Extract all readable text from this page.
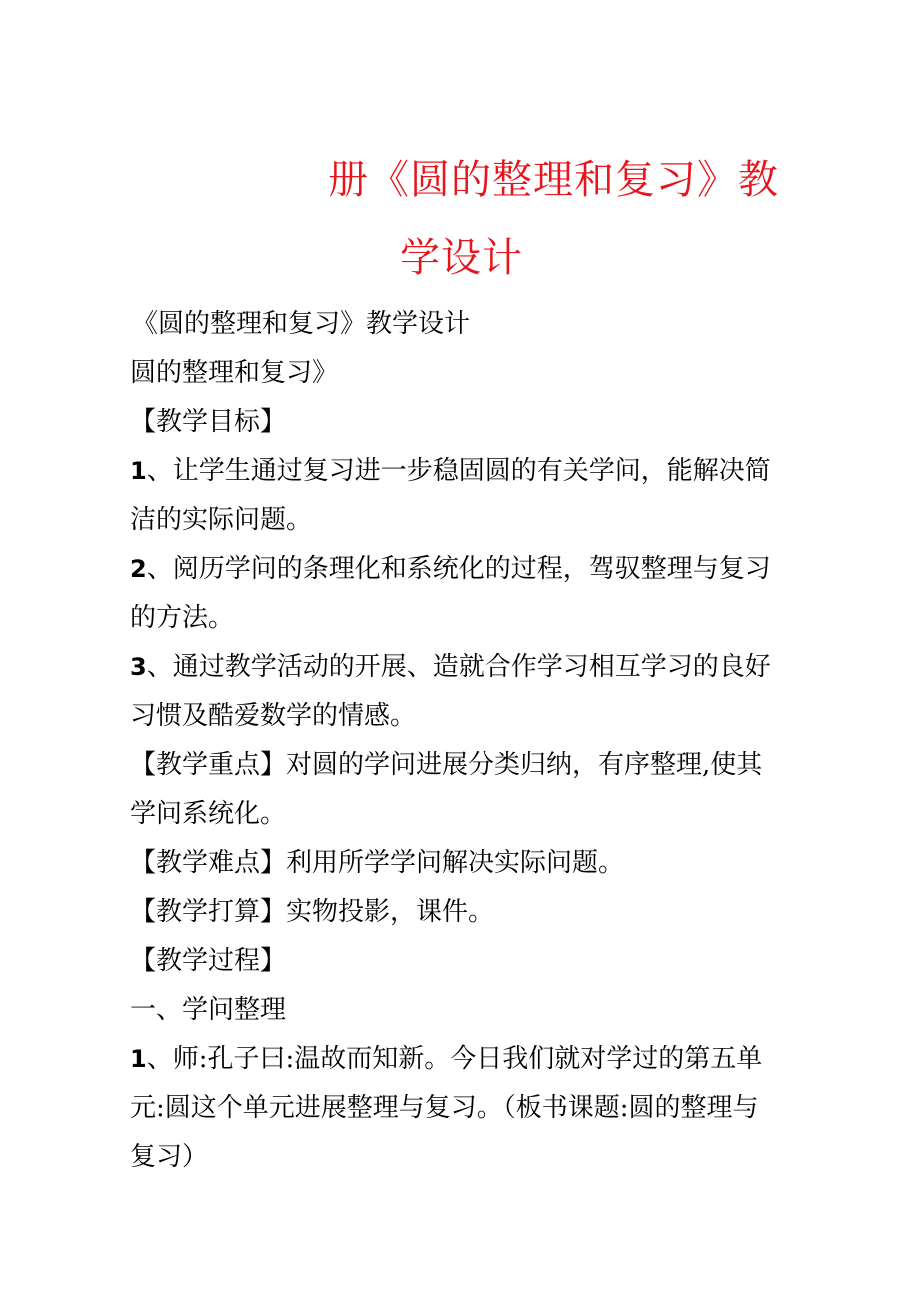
册《圆的整理和复习》教
学设计
《圆的整理和复习》教学设计
圆的整理和复习》
【教学目标】
1、让学生通过复习进一步稳固圆的有关学问，能解决简
洁的实际问题。
2、阅历学问的条理化和系统化的过程，驾驭整理与复习
的方法。
3、通过教学活动的开展、造就合作学习相互学习的良好
习惯及酷爱数学的情感。
【教学重点】对圆的学问进展分类归纳，有序整理,使其
学问系统化。
【教学难点】利用所学学问解决实际问题。
【教学打算】实物投影，课件。
【教学过程】
一、学问整理
1、师:孔子曰:温故而知新。今日我们就对学过的第五单
元:圆这个单元进展整理与复习。（板书课题:圆的整理与
复习）
